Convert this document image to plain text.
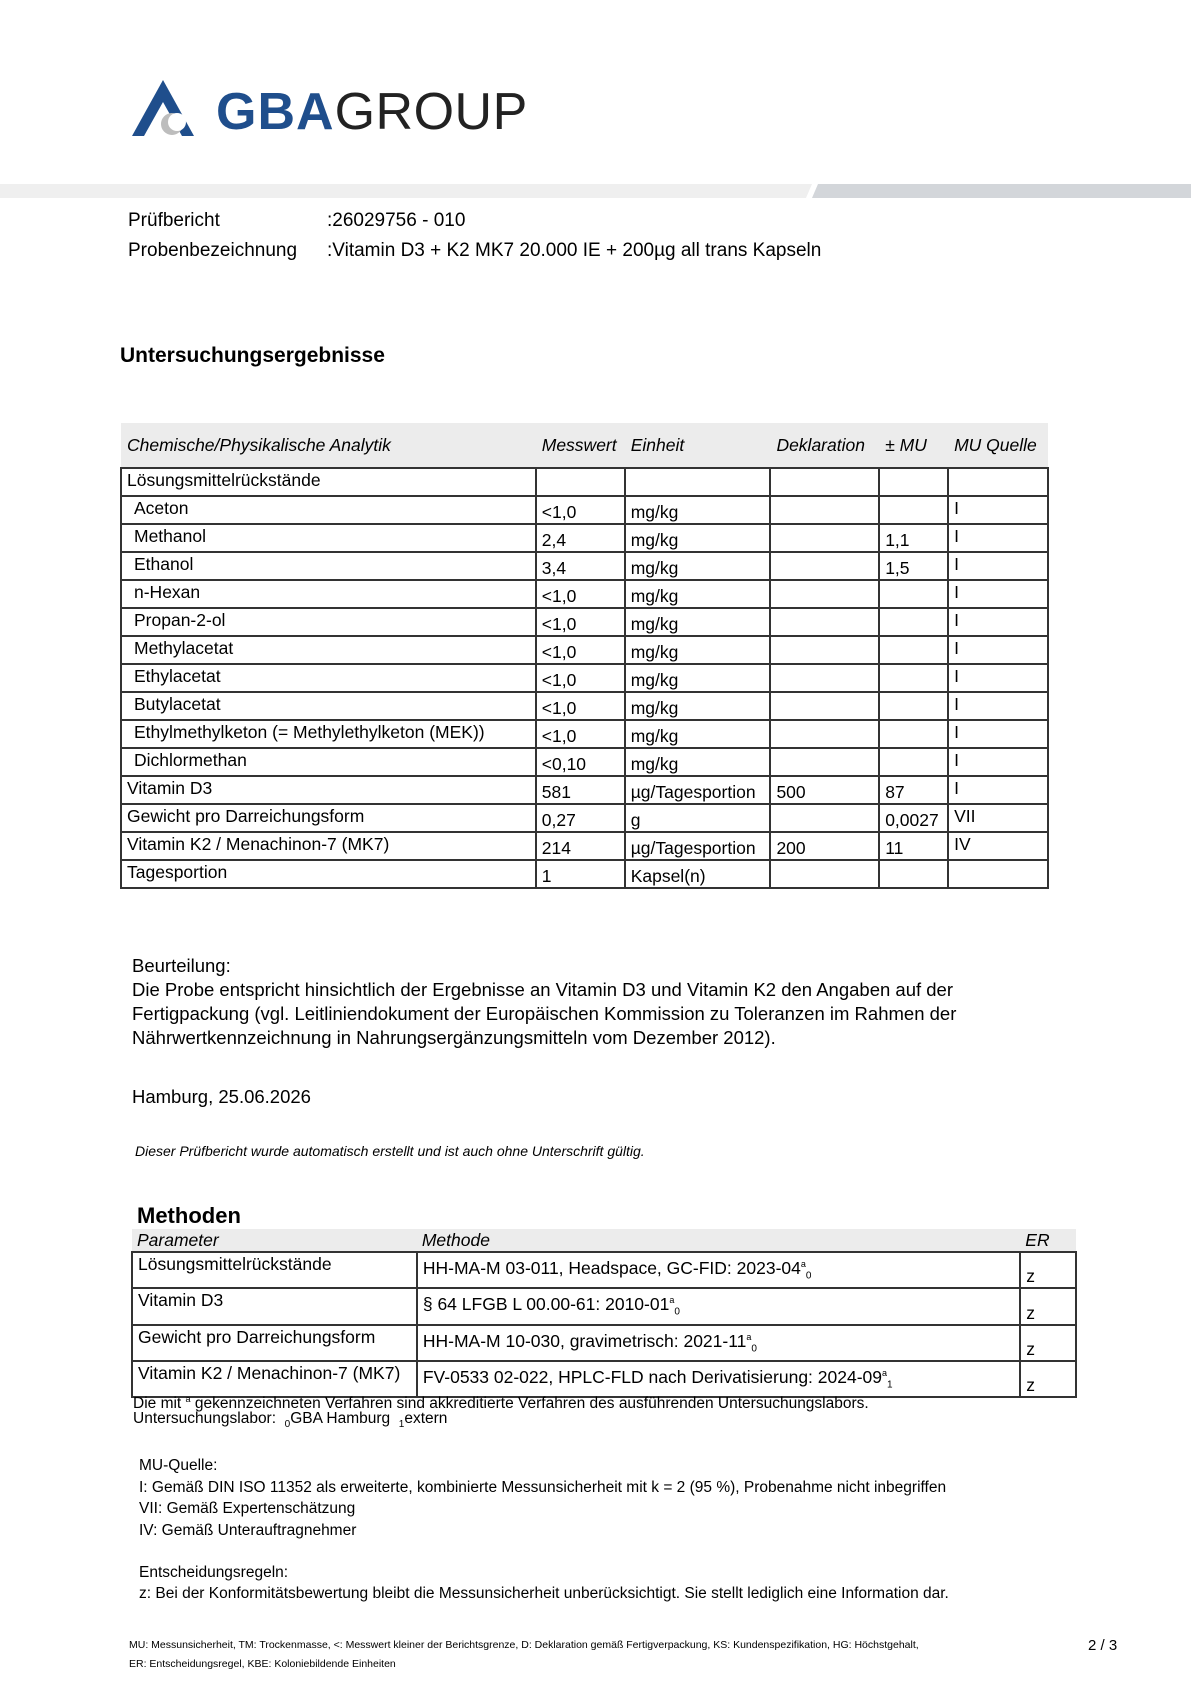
GBAGROUP
Prüfbericht	:26029756 - 010
Probenbezeichnung :Vitamin D3 + K2 MK7 20.000 IE + 200µg all trans Kapseln
Untersuchungsergebnisse
Chemische/Physikalische Analytik	Messwert	Einheit	Deklaration	± MU	MU Quelle
Lösungsmittelrückstände					
Aceton	<1,0	mg/kg			I
Methanol	2,4	mg/kg		1,1	I
Ethanol	3,4	mg/kg		1,5	I
n-Hexan	<1,0	mg/kg			I
Propan-2-ol	<1,0	mg/kg			I
Methylacetat	<1,0	mg/kg			I
Ethylacetat	<1,0	mg/kg			I
Butylacetat	<1,0	mg/kg			I
Ethylmethylketon (= Methylethylketon (MEK))	<1,0	mg/kg			I
Dichlormethan	<0,10	mg/kg			I
Vitamin D3	581	µg/Tagesportion	500	87	I
Gewicht pro Darreichungsform	0,27	g		0,0027	VII
Vitamin K2 / Menachinon-7 (MK7)	214	µg/Tagesportion	200	11	IV
Tagesportion	1	Kapsel(n)			
Beurteilung:
Die Probe entspricht hinsichtlich der Ergebnisse an Vitamin D3 und Vitamin K2 den Angaben auf der Fertigpackung (vgl. Leitliniendokument der Europäischen Kommission zu Toleranzen im Rahmen der Nährwertkennzeichnung in Nahrungsergänzungsmitteln vom Dezember 2012).
Hamburg, 25.06.2026
Dieser Prüfbericht wurde automatisch erstellt und ist auch ohne Unterschrift gültig.
Methoden
Parameter	Methode	ER
Lösungsmittelrückstände	HH-MA-M 03-011, Headspace, GC-FID: $2023-04^a_0$	z
Vitamin D3	§ 64 LFGB L 00.00-61: $2010-01^a_0$	z
Gewicht pro Darreichungsform	HH-MA-M 10-030, gravimetrisch: $2021-11^a_0$	z
Vitamin K2 / Menachinon-7 (MK7)	FV-0533 02-022, HPLC-FLD nach Derivatisierung: $2024-09^a_1$	z
Die mit $^a$ gekennzeichneten Verfahren sind akkreditierte Verfahren des ausführenden Untersuchungslabors.
Untersuchungslabor: $_0$GBA Hamburg $_1$extern
MU-Quelle:
I: Gemäß DIN ISO 11352 als erweiterte, kombinierte Messunsicherheit mit k = 2 (95 %), Probenahme nicht inbegriffen
VII: Gemäß Expertenschätzung
IV: Gemäß Unterauftragnehmer
Entscheidungsregeln:
z: Bei der Konformitätsbewertung bleibt die Messunsicherheit unberücksichtigt. Sie stellt lediglich eine Information dar.
MU: Messunsicherheit, TM: Trockenmasse, <: Messwert kleiner der Berichtsgrenze, D: Deklaration gemäß Fertigverpackung, KS: Kundenspezifikation, HG: Höchstgehalt,
ER: Entscheidungsregel, KBE: Koloniebildende Einheiten
2 / 3
